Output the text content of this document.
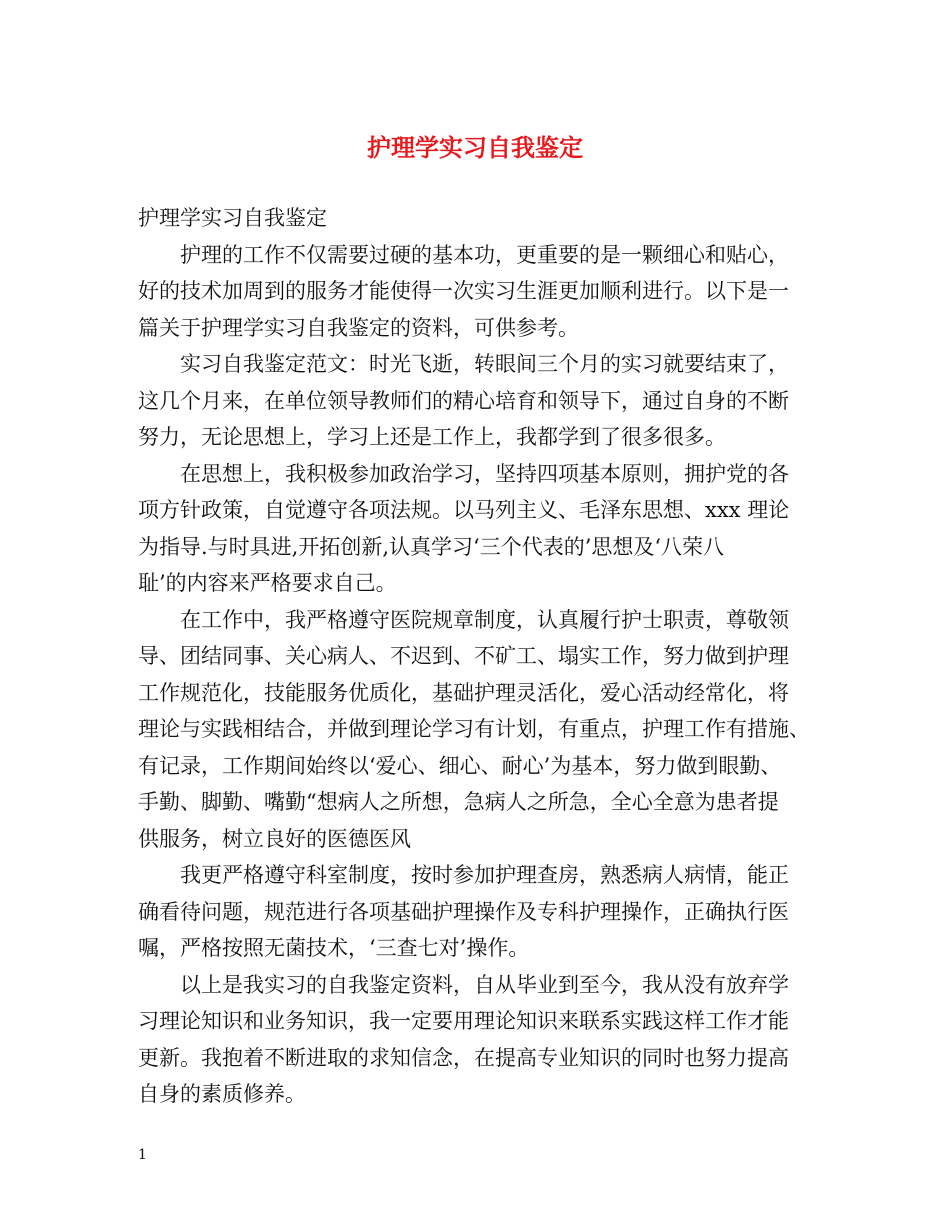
护理学实习自我鉴定

护理学实习自我鉴定

护理的工作不仅需要过硬的基本功，更重要的是一颗细心和贴心，
好的技术加周到的服务才能使得一次实习生涯更加顺利进行。以下是一
篇关于护理学实习自我鉴定的资料，可供参考。

实习自我鉴定范文：时光飞逝，转眼间三个月的实习就要结束了，
这几个月来，在单位领导教师们的精心培育和领导下，通过自身的不断
努力，无论思想上，学习上还是工作上，我都学到了很多很多。

在思想上，我积极参加政治学习，坚持四项基本原则，拥护党的各
项方针政策，自觉遵守各项法规。以马列主义、毛泽东思想、xxx 理论
为指导.与时具进,开拓创新,认真学习‘三个代表的’思想及‘八荣八
耻’的内容来严格要求自己。

在工作中，我严格遵守医院规章制度，认真履行护士职责，尊敬领
导、团结同事、关心病人、不迟到、不矿工、塌实工作，努力做到护理
工作规范化，技能服务优质化，基础护理灵活化，爱心活动经常化，将
理论与实践相结合，并做到理论学习有计划，有重点，护理工作有措施、
有记录，工作期间始终以‘爱心、细心、耐心’为基本，努力做到眼勤、
手勤、脚勤、嘴勤“想病人之所想，急病人之所急，全心全意为患者提
供服务，树立良好的医德医风

我更严格遵守科室制度，按时参加护理查房，熟悉病人病情，能正
确看待问题，规范进行各项基础护理操作及专科护理操作，正确执行医
嘱，严格按照无菌技术，‘三查七对’操作。

以上是我实习的自我鉴定资料，自从毕业到至今，我从没有放弃学
习理论知识和业务知识，我一定要用理论知识来联系实践这样工作才能
更新。我抱着不断进取的求知信念，在提高专业知识的同时也努力提高
自身的素质修养。

1
